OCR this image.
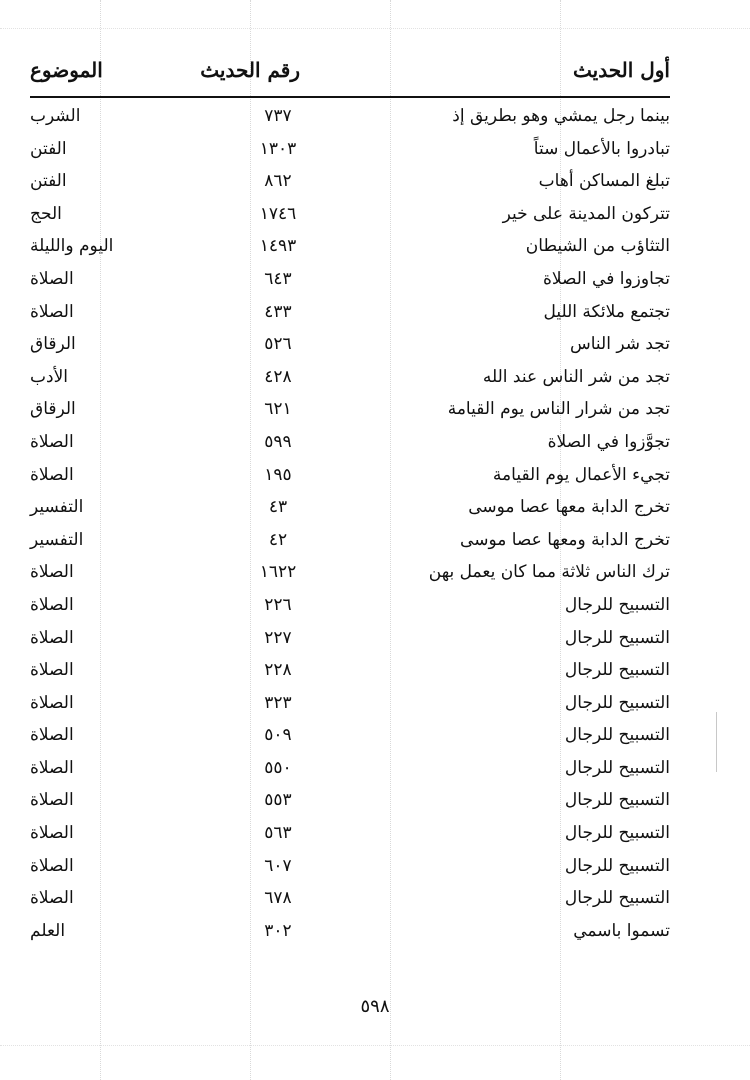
أول الحديث
رقم الحديث
الموضوع
بينما رجل يمشي وهو بطريق إذ
٧٣٧
الشرب
تبادروا بالأعمال ستاً
١٣٠٣
الفتن
تبلغ المساكن أهاب
٨٦٢
الفتن
تتركون المدينة على خير
١٧٤٦
الحج
التثاؤب من الشيطان
١٤٩٣
اليوم والليلة
تجاوزوا في الصلاة
٦٤٣
الصلاة
تجتمع ملائكة الليل
٤٣٣
الصلاة
تجد شر الناس
٥٢٦
الرقاق
تجد من شر الناس عند الله
٤٢٨
الأدب
تجد من شرار الناس يوم القيامة
٦٢١
الرقاق
تجوَّزوا في الصلاة
٥٩٩
الصلاة
تجيء الأعمال يوم القيامة
١٩٥
الصلاة
تخرج الدابة معها عصا موسى
٤٣
التفسير
تخرج الدابة ومعها عصا موسى
٤٢
التفسير
ترك الناس ثلاثة مما كان يعمل بهن
١٦٢٢
الصلاة
التسبيح للرجال
٢٢٦
الصلاة
التسبيح للرجال
٢٢٧
الصلاة
التسبيح للرجال
٢٢٨
الصلاة
التسبيح للرجال
٣٢٣
الصلاة
التسبيح للرجال
٥٠٩
الصلاة
التسبيح للرجال
٥٥٠
الصلاة
التسبيح للرجال
٥٥٣
الصلاة
التسبيح للرجال
٥٦٣
الصلاة
التسبيح للرجال
٦٠٧
الصلاة
التسبيح للرجال
٦٧٨
الصلاة
تسموا باسمي
٣٠٢
العلم
٥٩٨
